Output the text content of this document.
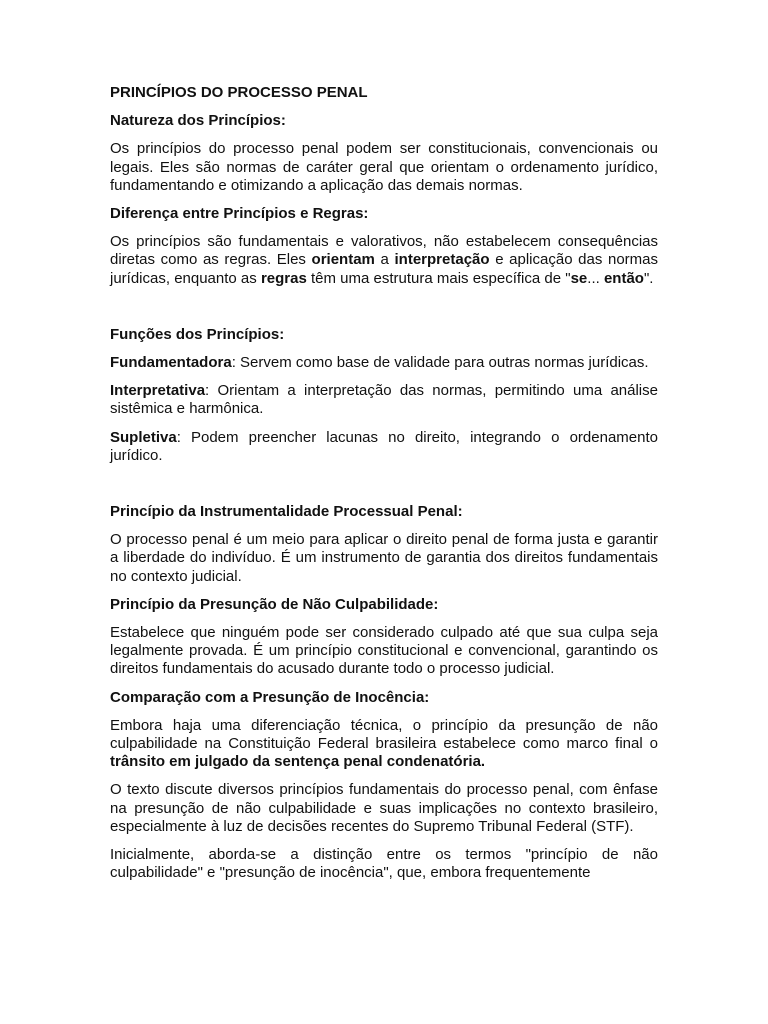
PRINCÍPIOS DO PROCESSO PENAL

Natureza dos Princípios:

Os princípios do processo penal podem ser constitucionais, convencionais ou legais. Eles são normas de caráter geral que orientam o ordenamento jurídico, fundamentando e otimizando a aplicação das demais normas.

Diferença entre Princípios e Regras:

Os princípios são fundamentais e valorativos, não estabelecem consequências diretas como as regras. Eles orientam a interpretação e aplicação das normas jurídicas, enquanto as regras têm uma estrutura mais específica de "se... então".

Funções dos Princípios:

Fundamentadora: Servem como base de validade para outras normas jurídicas.

Interpretativa: Orientam a interpretação das normas, permitindo uma análise sistêmica e harmônica.

Supletiva: Podem preencher lacunas no direito, integrando o ordenamento jurídico.

Princípio da Instrumentalidade Processual Penal:

O processo penal é um meio para aplicar o direito penal de forma justa e garantir a liberdade do indivíduo. É um instrumento de garantia dos direitos fundamentais no contexto judicial.

Princípio da Presunção de Não Culpabilidade:

Estabelece que ninguém pode ser considerado culpado até que sua culpa seja legalmente provada. É um princípio constitucional e convencional, garantindo os direitos fundamentais do acusado durante todo o processo judicial.

Comparação com a Presunção de Inocência:

Embora haja uma diferenciação técnica, o princípio da presunção de não culpabilidade na Constituição Federal brasileira estabelece como marco final o trânsito em julgado da sentença penal condenatória.

O texto discute diversos princípios fundamentais do processo penal, com ênfase na presunção de não culpabilidade e suas implicações no contexto brasileiro, especialmente à luz de decisões recentes do Supremo Tribunal Federal (STF).

Inicialmente, aborda-se a distinção entre os termos "princípio de não culpabilidade" e "presunção de inocência", que, embora frequentemente
